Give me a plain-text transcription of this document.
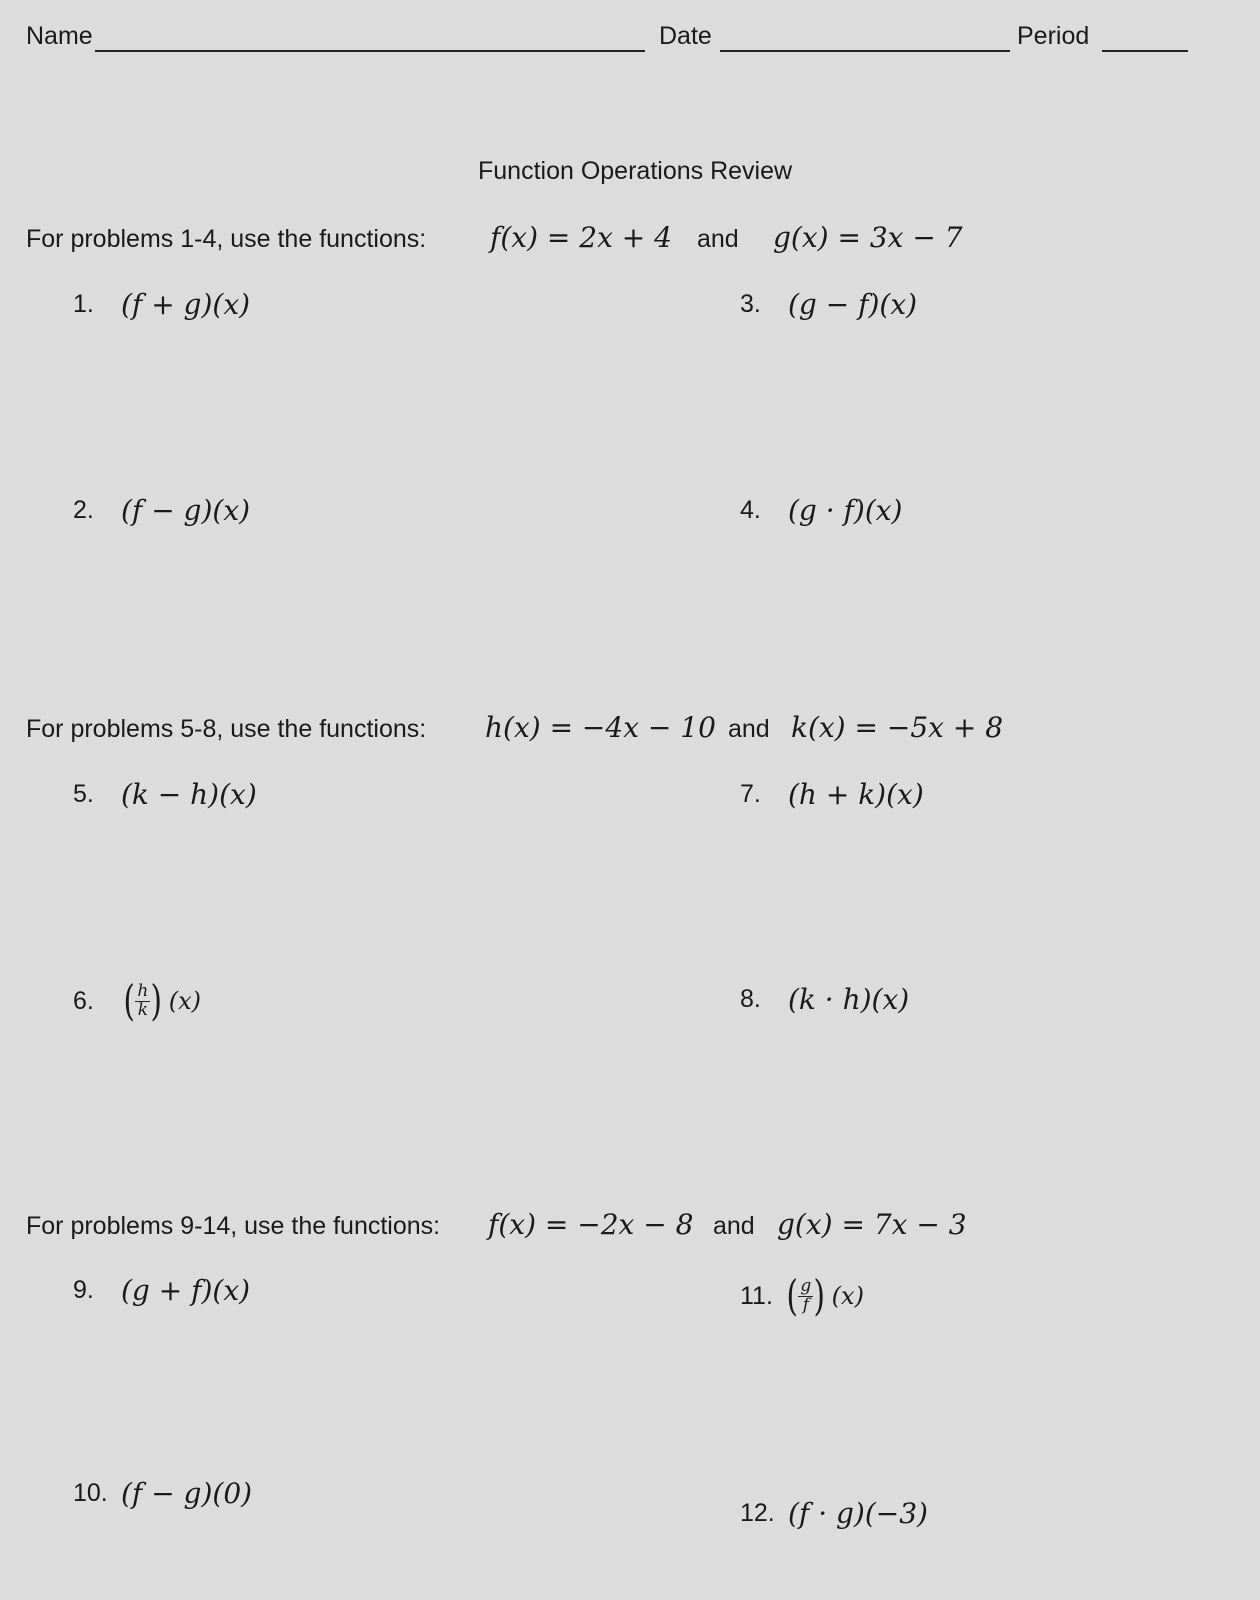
Name	Date	Period
Function Operations Review
For problems 1-4, use the functions: f(x) = 2x + 4 and g(x) = 3x − 7
1. (f + g)(x)	3. (g − f)(x)
2. (f − g)(x)	4. (g · f)(x)
For problems 5-8, use the functions: h(x) = −4x − 10 and k(x) = −5x + 8
5. (k − h)(x)	7. (h + k)(x)
6. ( $\frac{h}{k}$ ) (x)	8. (k · h)(x)
For problems 9-14, use the functions: f(x) = −2x − 8 and g(x) = 7x − 3
9. (g + f)(x)	11. ( $\frac{g}{f}$ ) (x)
10. (f − g)(0)
12. (f · g)(−3)
